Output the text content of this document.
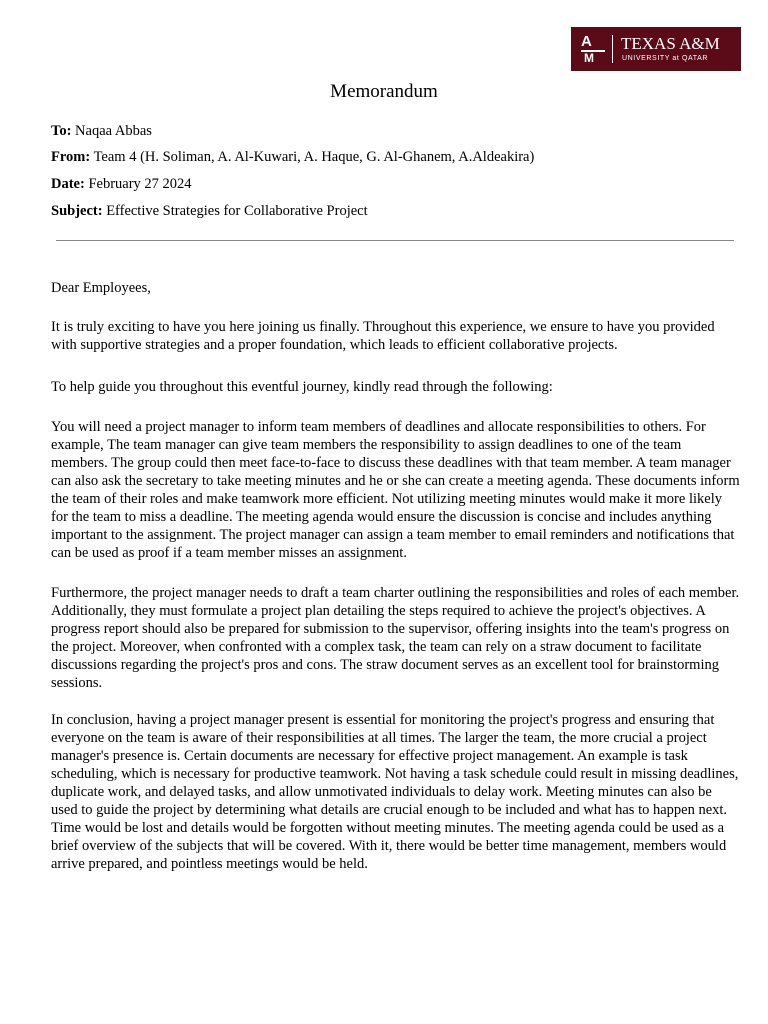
A
M
TEXAS A&M
UNIVERSITY at QATAR
Memorandum
To: Naqaa Abbas
From: Team 4 (H. Soliman, A. Al-Kuwari, A. Haque, G. Al-Ghanem, A.Aldeakira)
Date: February 27 2024
Subject: Effective Strategies for Collaborative Project

Dear Employees,

It is truly exciting to have you here joining us finally. Throughout this experience, we ensure to have you provided with supportive strategies and a proper foundation, which leads to efficient collaborative projects.

To help guide you throughout this eventful journey, kindly read through the following:

You will need a project manager to inform team members of deadlines and allocate responsibilities to others. For example, The team manager can give team members the responsibility to assign deadlines to one of the team members. The group could then meet face-to-face to discuss these deadlines with that team member. A team manager can also ask the secretary to take meeting minutes and he or she can create a meeting agenda. These documents inform the team of their roles and make teamwork more efficient. Not utilizing meeting minutes would make it more likely for the team to miss a deadline. The meeting agenda would ensure the discussion is concise and includes anything important to the assignment. The project manager can assign a team member to email reminders and notifications that can be used as proof if a team member misses an assignment.

Furthermore, the project manager needs to draft a team charter outlining the responsibilities and roles of each member. Additionally, they must formulate a project plan detailing the steps required to achieve the project's objectives. A progress report should also be prepared for submission to the supervisor, offering insights into the team's progress on the project. Moreover, when confronted with a complex task, the team can rely on a straw document to facilitate discussions regarding the project's pros and cons. The straw document serves as an excellent tool for brainstorming sessions.

In conclusion, having a project manager present is essential for monitoring the project's progress and ensuring that everyone on the team is aware of their responsibilities at all times. The larger the team, the more crucial a project manager's presence is. Certain documents are necessary for effective project management. An example is task scheduling, which is necessary for productive teamwork. Not having a task schedule could result in missing deadlines, duplicate work, and delayed tasks, and allow unmotivated individuals to delay work. Meeting minutes can also be used to guide the project by determining what details are crucial enough to be included and what has to happen next. Time would be lost and details would be forgotten without meeting minutes. The meeting agenda could be used as a brief overview of the subjects that will be covered. With it, there would be better time management, members would arrive prepared, and pointless meetings would be held.
